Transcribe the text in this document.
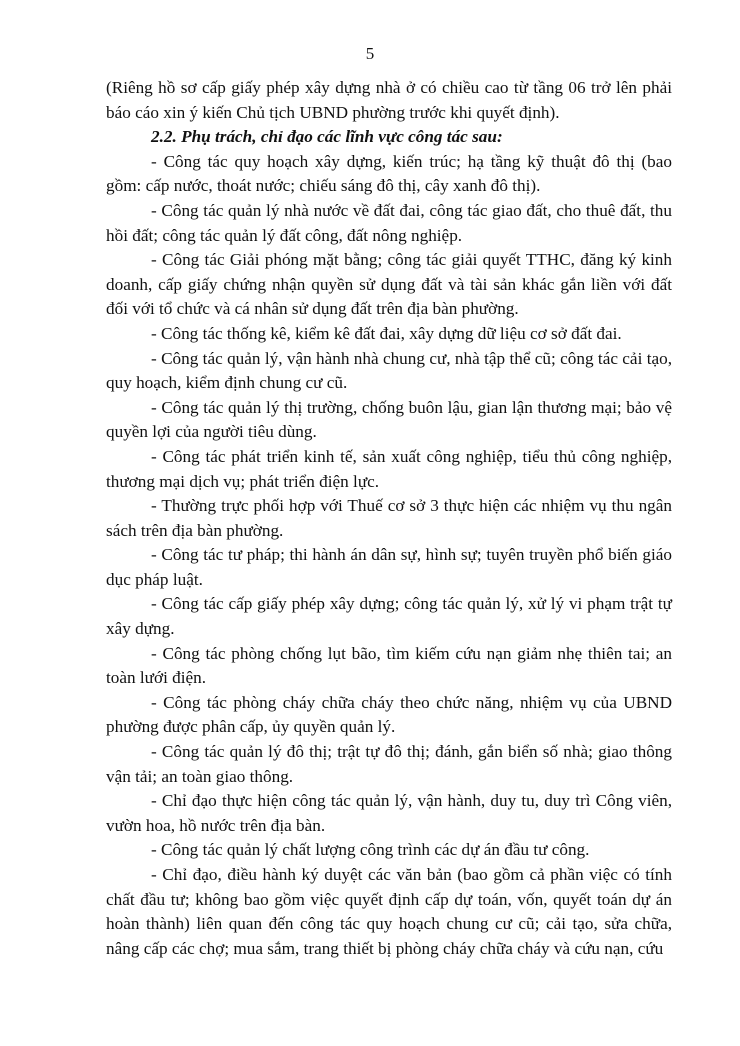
5

(Riêng hồ sơ cấp giấy phép xây dựng nhà ở có chiều cao từ tầng 06 trở lên phải báo cáo xin ý kiến Chủ tịch UBND phường trước khi quyết định).

2.2. Phụ trách, chỉ đạo các lĩnh vực công tác sau:

- Công tác quy hoạch xây dựng, kiến trúc; hạ tầng kỹ thuật đô thị (bao gồm: cấp nước, thoát nước; chiếu sáng đô thị, cây xanh đô thị).

- Công tác quản lý nhà nước về đất đai, công tác giao đất, cho thuê đất, thu hồi đất; công tác quản lý đất công, đất nông nghiệp.

- Công tác Giải phóng mặt bằng; công tác giải quyết TTHC, đăng ký kinh doanh, cấp giấy chứng nhận quyền sử dụng đất và tài sản khác gắn liền với đất đối với tổ chức và cá nhân sử dụng đất trên địa bàn phường.

- Công tác thống kê, kiểm kê đất đai, xây dựng dữ liệu cơ sở đất đai.

- Công tác quản lý, vận hành nhà chung cư, nhà tập thể cũ; công tác cải tạo, quy hoạch, kiểm định chung cư cũ.

- Công tác quản lý thị trường, chống buôn lậu, gian lận thương mại; bảo vệ quyền lợi của người tiêu dùng.

- Công tác phát triển kinh tế, sản xuất công nghiệp, tiểu thủ công nghiệp, thương mại dịch vụ; phát triển điện lực.

- Thường trực phối hợp với Thuế cơ sở 3 thực hiện các nhiệm vụ thu ngân sách trên địa bàn phường.

- Công tác tư pháp; thi hành án dân sự, hình sự; tuyên truyền phổ biến giáo dục pháp luật.

- Công tác cấp giấy phép xây dựng; công tác quản lý, xử lý vi phạm trật tự xây dựng.

- Công tác phòng chống lụt bão, tìm kiếm cứu nạn giảm nhẹ thiên tai; an toàn lưới điện.

- Công tác phòng cháy chữa cháy theo chức năng, nhiệm vụ của UBND phường được phân cấp, ủy quyền quản lý.

- Công tác quản lý đô thị; trật tự đô thị; đánh, gắn biển số nhà; giao thông vận tải; an toàn giao thông.

- Chỉ đạo thực hiện công tác quản lý, vận hành, duy tu, duy trì Công viên, vườn hoa, hồ nước trên địa bàn.

- Công tác quản lý chất lượng công trình các dự án đầu tư công.

- Chỉ đạo, điều hành ký duyệt các văn bản (bao gồm cả phần việc có tính chất đầu tư; không bao gồm việc quyết định cấp dự toán, vốn, quyết toán dự án hoàn thành) liên quan đến công tác quy hoạch chung cư cũ; cải tạo, sửa chữa, nâng cấp các chợ; mua sắm, trang thiết bị phòng cháy chữa cháy và cứu nạn, cứu
